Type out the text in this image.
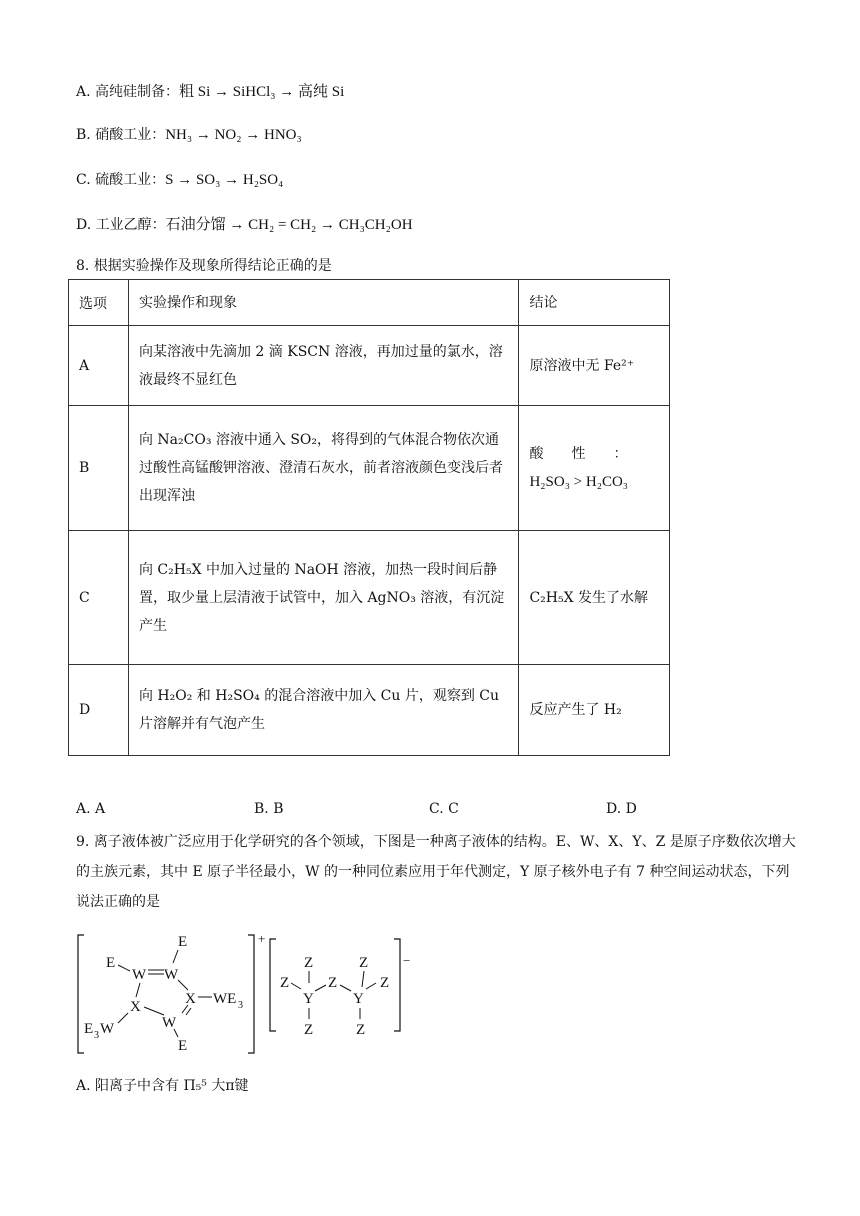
A. 高纯硅制备：粗 Si → SiHCl₃ → 高纯 Si
B. 硝酸工业：NH₃ → NO₂ → HNO₃
C. 硫酸工业：S → SO₃ → H₂SO₄
D. 工业乙醇：石油分馏 → CH₂ = CH₂ → CH₃CH₂OH
8. 根据实验操作及现象所得结论正确的是
选项	实验操作和现象	结论
A	向某溶液中先滴加 2 滴 KSCN 溶液，再加过量的氯水，溶液最终不显红色	原溶液中无 Fe²⁺
B	向 Na₂CO₃ 溶液中通入 SO₂，将得到的气体混合物依次通过酸性高锰酸钾溶液、澄清石灰水，前者溶液颜色变浅后者出现浑浊	酸　　性　　：
H₂SO₃ > H₂CO₃

C	向 C₂H₅X 中加入过量的 NaOH 溶液，加热一段时间后静置，取少量上层清液于试管中，加入 AgNO₃ 溶液，有沉淀产生	C₂H₅X 发生了水解
D	向 H₂O₂ 和 H₂SO₄ 的混合溶液中加入 Cu 片，观察到 Cu 片溶解并有气泡产生	反应产生了 H₂
A. A	B. B	C. C	D. D
9. 离子液体被广泛应用于化学研究的各个领域，下图是一种离子液体的结构。E、W、X、Y、Z 是原子序数依次增大的主族元素，其中 E 原子半径最小，W 的一种同位素应用于年代测定，Y 原子核外电子有 7 种空间运动状态，下列说法正确的是
+
E
W W
E
X WE 3
X
W
E
E 3 W
−
Z
Z
Y
Z
Y
Z
Z
Z
Z
A. 阳离子中含有 Π₅⁵ 大π键
